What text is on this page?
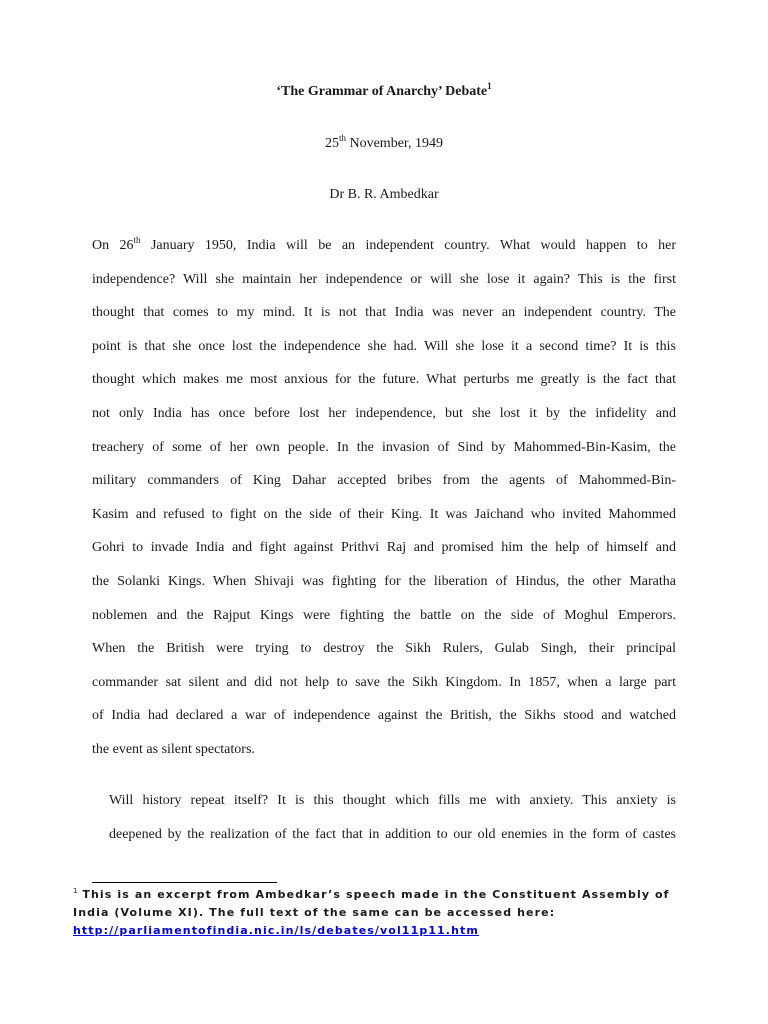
‘The Grammar of Anarchy’ Debate$^1$
25th November, 1949
Dr B. R. Ambedkar
On 26th January 1950, India will be an independent country. What would happen to her
independence? Will she maintain her independence or will she lose it again? This is the first
thought that comes to my mind. It is not that India was never an independent country. The
point is that she once lost the independence she had. Will she lose it a second time? It is this
thought which makes me most anxious for the future. What perturbs me greatly is the fact that
not only India has once before lost her independence, but she lost it by the infidelity and
treachery of some of her own people. In the invasion of Sind by Mahommed-Bin-Kasim, the
military commanders of King Dahar accepted bribes from the agents of Mahommed-Bin-
Kasim and refused to fight on the side of their King. It was Jaichand who invited Mahommed
Gohri to invade India and fight against Prithvi Raj and promised him the help of himself and
the Solanki Kings. When Shivaji was fighting for the liberation of Hindus, the other Maratha
noblemen and the Rajput Kings were fighting the battle on the side of Moghul Emperors.
When the British were trying to destroy the Sikh Rulers, Gulab Singh, their principal
commander sat silent and did not help to save the Sikh Kingdom. In 1857, when a large part
of India had declared a war of independence against the British, the Sikhs stood and watched
the event as silent spectators.
Will history repeat itself? It is this thought which fills me with anxiety. This anxiety is
deepened by the realization of the fact that in addition to our old enemies in the form of castes
$^1$ This is an excerpt from Ambedkar’s speech made in the Constituent Assembly of
India (Volume XI). The full text of the same can be accessed here:
http://parliamentofindia.nic.in/ls/debates/vol11p11.htm
